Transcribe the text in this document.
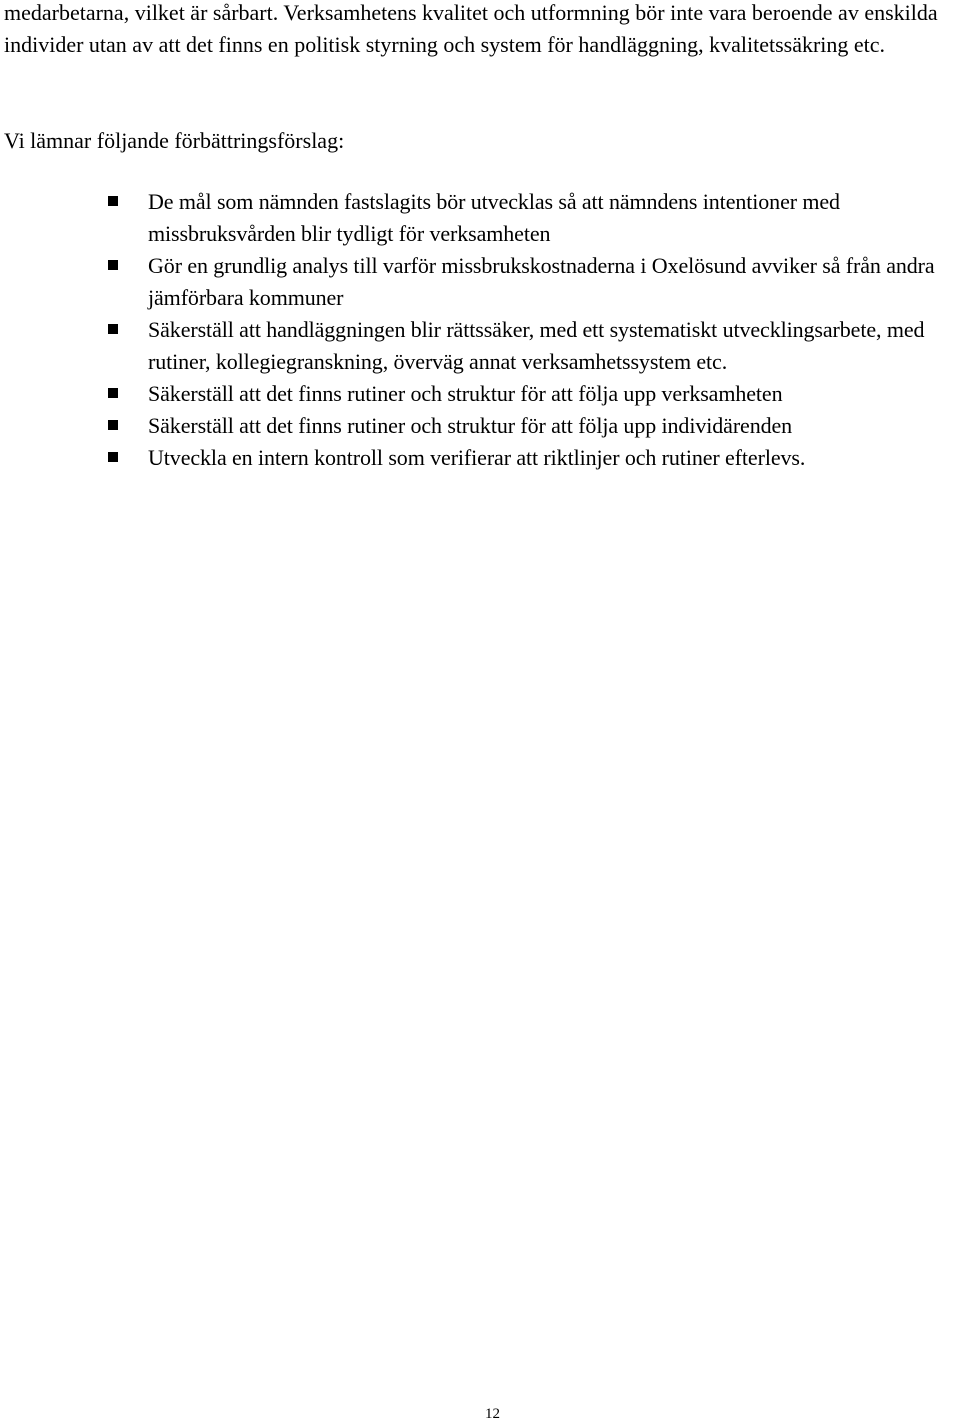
medarbetarna, vilket är sårbart. Verksamhetens kvalitet och utformning bör inte vara beroende av enskilda individer utan av att det finns en politisk styrning och system för handläggning, kvalitetssäkring etc.

Vi lämnar följande förbättringsförslag:

De mål som nämnden fastslagits bör utvecklas så att nämndens intentioner med missbruksvården blir tydligt för verksamheten
Gör en grundlig analys till varför missbrukskostnaderna i Oxelösund avviker så från andra jämförbara kommuner
Säkerställ att handläggningen blir rättssäker, med ett systematiskt utvecklingsarbete, med rutiner, kollegiegranskning, överväg annat verksamhetssystem etc.
Säkerställ att det finns rutiner och struktur för att följa upp verksamheten
Säkerställ att det finns rutiner och struktur för att följa upp individärenden
Utveckla en intern kontroll som verifierar att riktlinjer och rutiner efterlevs.
12
